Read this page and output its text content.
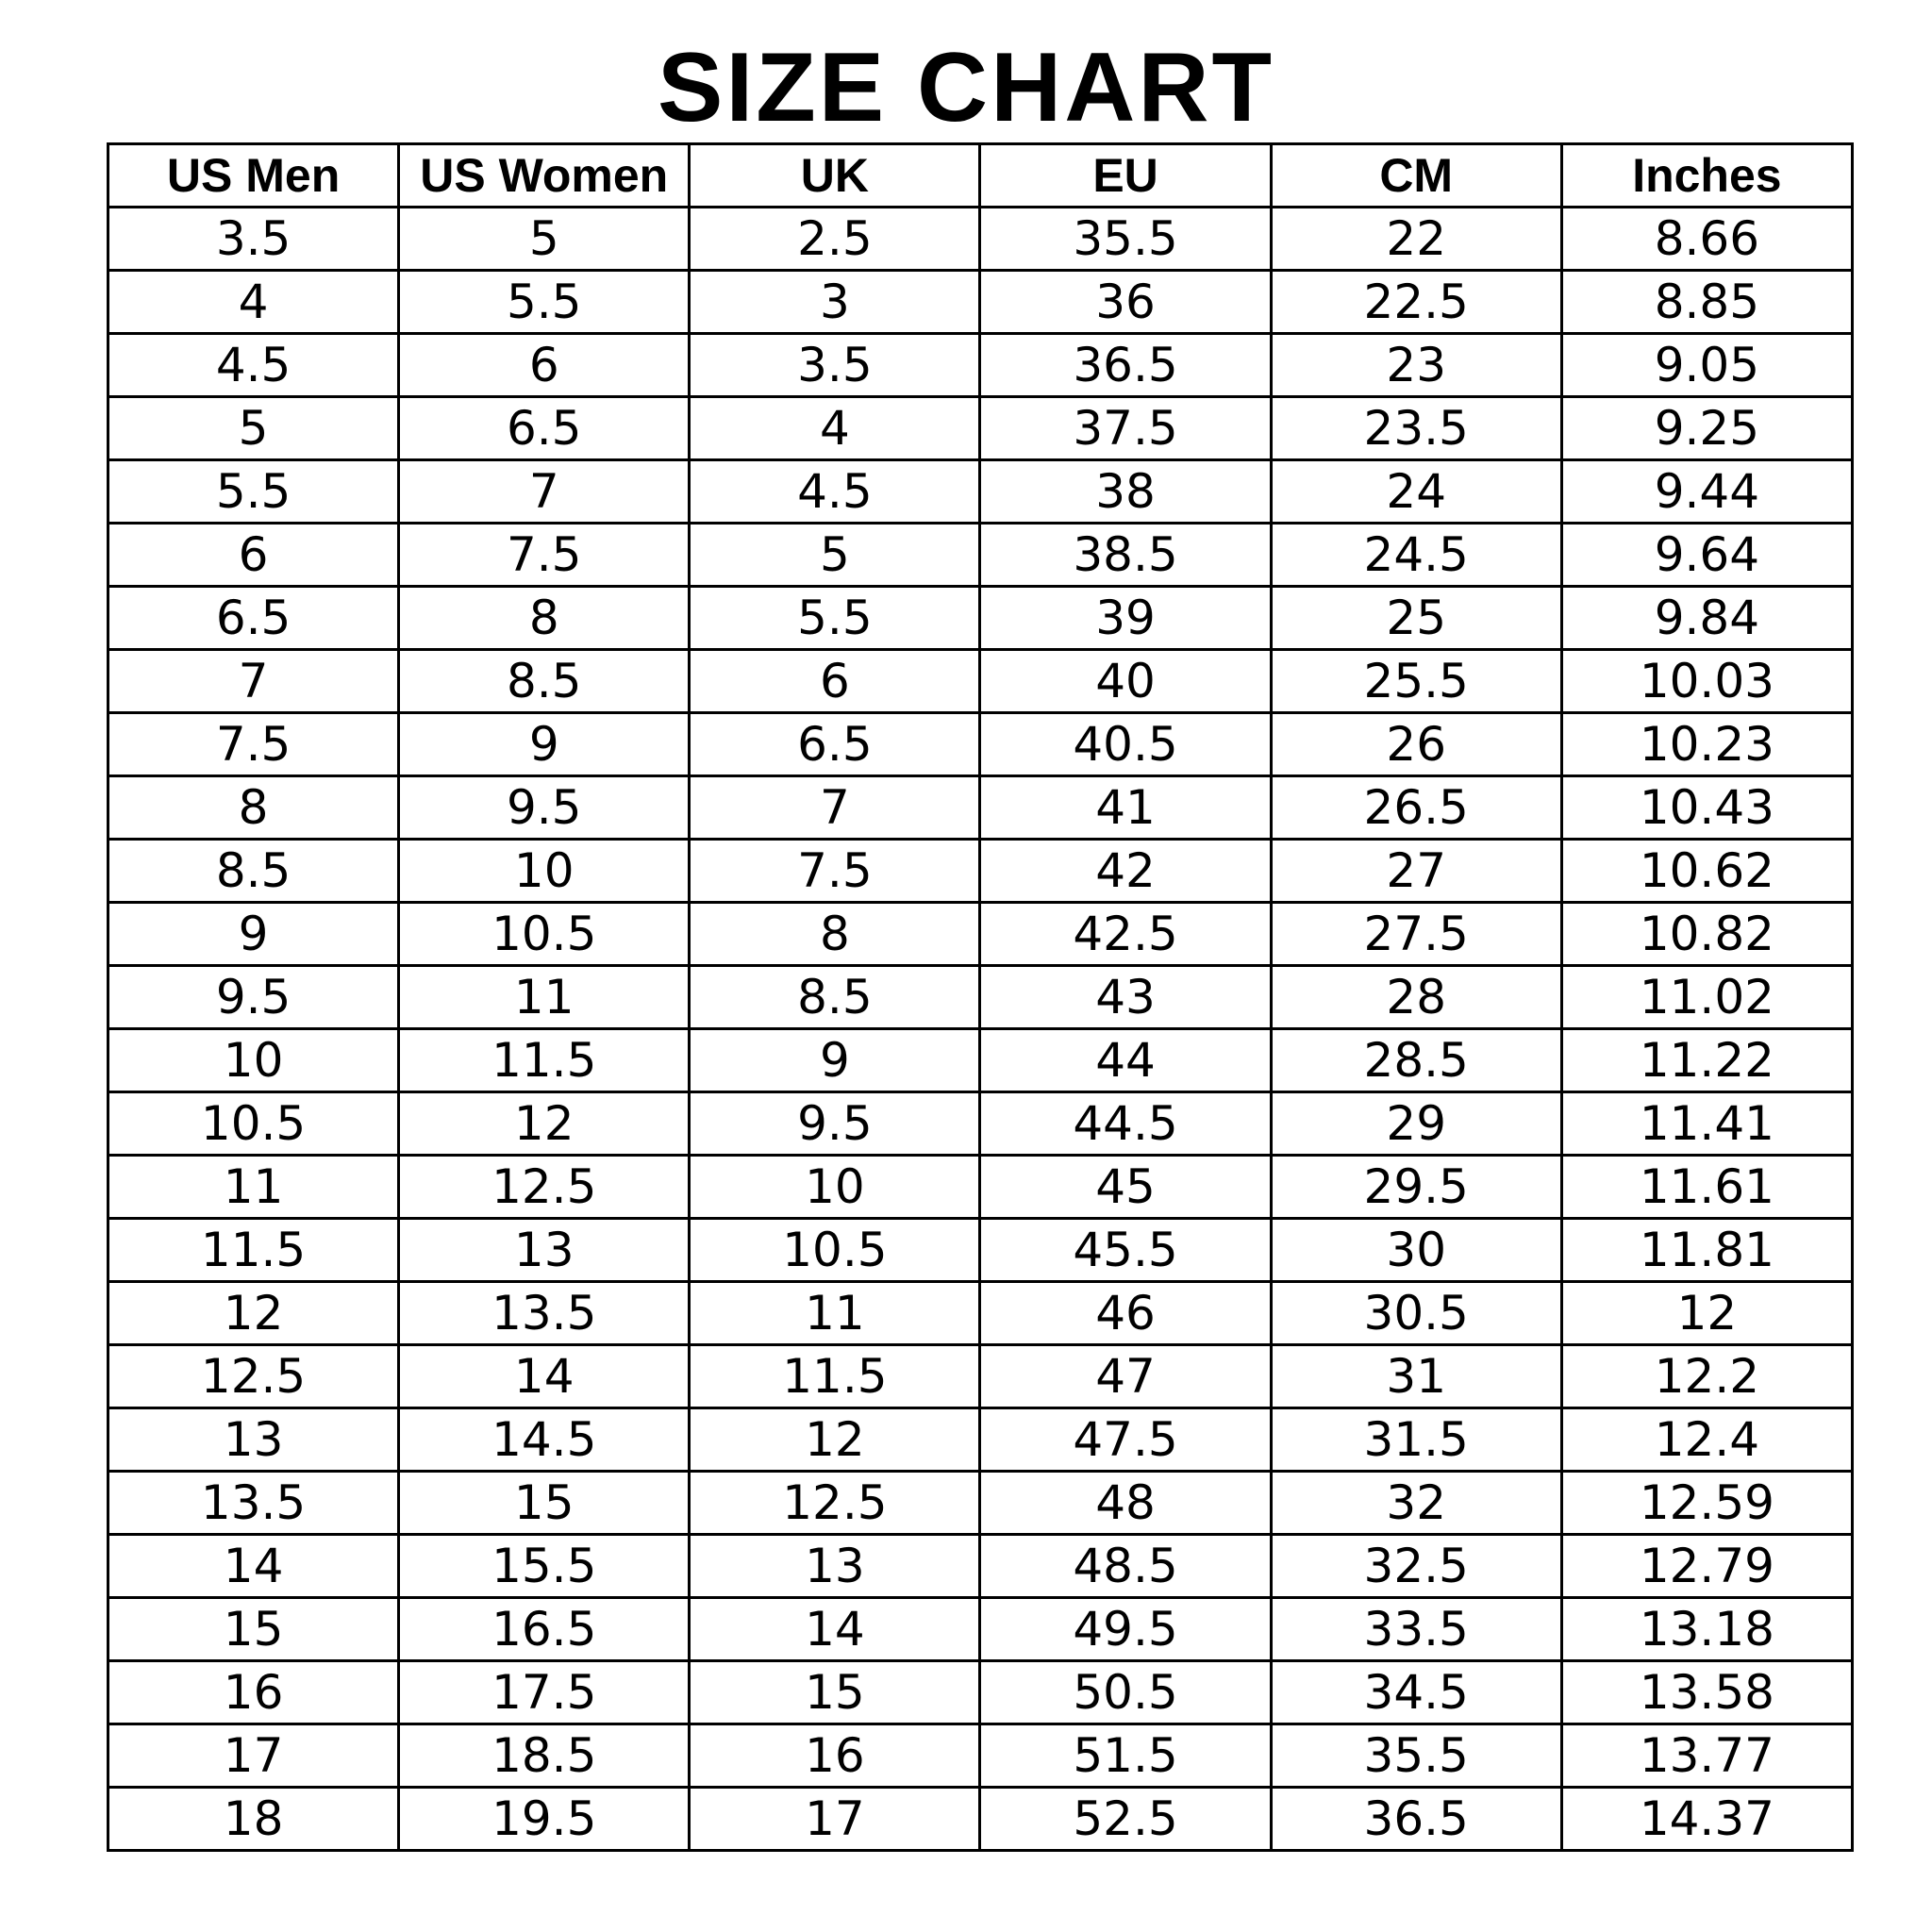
SIZE CHART
US Men	US Women	UK	EU	CM	Inches
3.5	5	2.5	35.5	22	8.66
4	5.5	3	36	22.5	8.85
4.5	6	3.5	36.5	23	9.05
5	6.5	4	37.5	23.5	9.25
5.5	7	4.5	38	24	9.44
6	7.5	5	38.5	24.5	9.64
6.5	8	5.5	39	25	9.84
7	8.5	6	40	25.5	10.03
7.5	9	6.5	40.5	26	10.23
8	9.5	7	41	26.5	10.43
8.5	10	7.5	42	27	10.62
9	10.5	8	42.5	27.5	10.82
9.5	11	8.5	43	28	11.02
10	11.5	9	44	28.5	11.22
10.5	12	9.5	44.5	29	11.41
11	12.5	10	45	29.5	11.61
11.5	13	10.5	45.5	30	11.81
12	13.5	11	46	30.5	12
12.5	14	11.5	47	31	12.2
13	14.5	12	47.5	31.5	12.4
13.5	15	12.5	48	32	12.59
14	15.5	13	48.5	32.5	12.79
15	16.5	14	49.5	33.5	13.18
16	17.5	15	50.5	34.5	13.58
17	18.5	16	51.5	35.5	13.77
18	19.5	17	52.5	36.5	14.37
